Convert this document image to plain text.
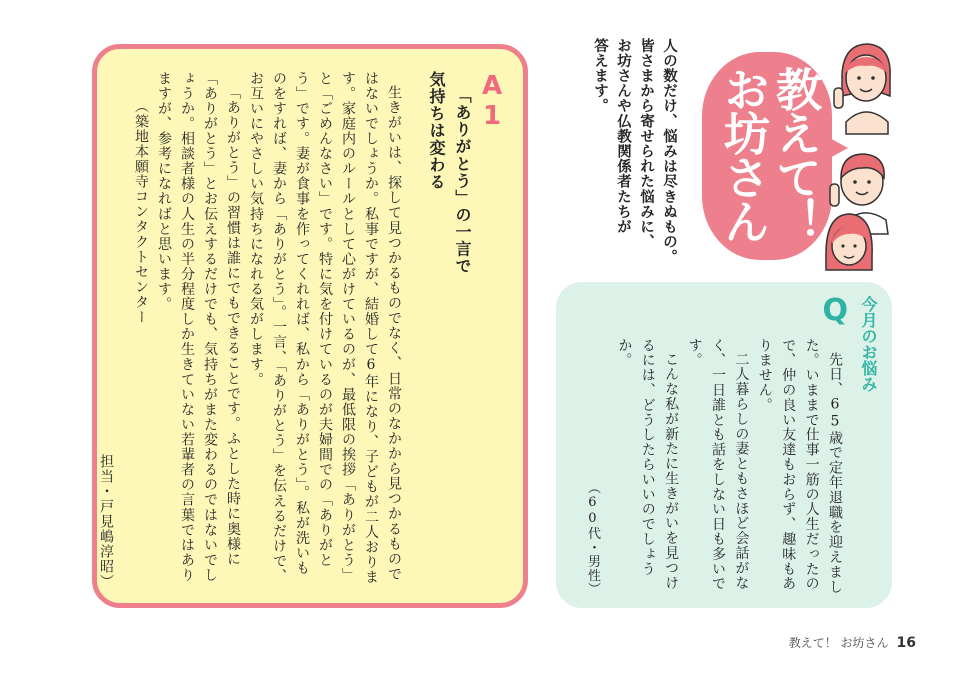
A1

「ありがとう」の一言で
気持ちは変わる

生きがいは、探して見つかるものでなく、日常のなかから見つかるものではないでしょうか。私事ですが、結婚して6年になり、子どもが二人おります。家庭内のルールとして心がけているのが、最低限の挨拶「ありがとう」と「ごめんなさい」です。特に気を付けているのが夫婦間での「ありがとう」です。妻が食事を作ってくれれば、私から「ありがとう」。私が洗いものをすれば、妻から「ありがとう」。一言、「ありがとう」を伝えるだけで、お互いにやさしい気持ちになれる気がします。

「ありがとう」の習慣は誰にでもできることです。ふとした時に奥様に「ありがとう」とお伝えするだけでも、気持ちがまた変わるのではないでしょうか。相談者様の人生の半分程度しか生きていない若輩者の言葉ではありますが、参考になればと思います。

（築地本願寺コンタクトセンター

担当・戸見嶋淳昭）

人の数だけ、悩みは尽きぬもの。

皆さまから寄せられた悩みに、

お坊さんや仏教関係者たちが

答えます。	教えて！お坊さん
今月のお悩み
Q

先日、65歳で定年退職を迎えました。いままで仕事一筋の人生だったので、仲の良い友達もおらず、趣味もありません。

二人暮らしの妻ともさほど会話がなく、一日誰とも話をしない日も多いです。

こんな私が新たに生きがいを見つけるには、どうしたらいいのでしょうか。

（60代・男性）

教えて！ お坊さん 16
